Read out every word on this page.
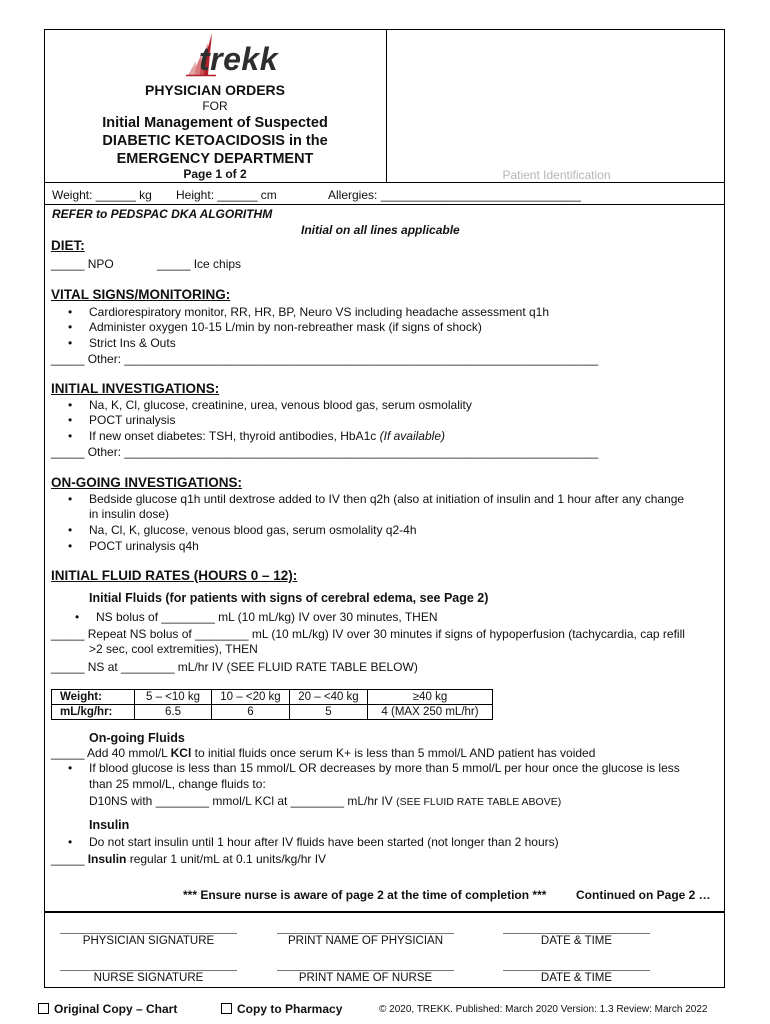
trekk
PHYSICIAN ORDERS
FOR
Initial Management of Suspected
DIABETIC KETOACIDOSIS in the
EMERGENCY DEPARTMENT
Page 1 of 2	Patient Identification
Weight: ______ kg Height: ______ cm	Allergies: ______________________________
REFER to PEDSPAC DKA ALGORITHM
Initial on all lines applicable
DIET:
_____ NPO	_____ Ice chips
VITAL SIGNS/MONITORING:
• Cardiorespiratory monitor, RR, HR, BP, Neuro VS including headache assessment q1h
• Administer oxygen 10-15 L/min by non-rebreather mask (if signs of shock)
• Strict Ins & Outs
_____ Other: _______________________________________________________________________
INITIAL INVESTIGATIONS:
• Na, K, Cl, glucose, creatinine, urea, venous blood gas, serum osmolality
• POCT urinalysis
• If new onset diabetes: TSH, thyroid antibodies, HbA1c (If available)
_____ Other: _______________________________________________________________________
ON-GOING INVESTIGATIONS:
• Bedside glucose q1h until dextrose added to IV then q2h (also at initiation of insulin and 1 hour after any change
in insulin dose)
• Na, Cl, K, glucose, venous blood gas, serum osmolality q2-4h
• POCT urinalysis q4h
INITIAL FLUID RATES (HOURS 0 – 12):
Initial Fluids (for patients with signs of cerebral edema, see Page 2)
• NS bolus of ________ mL (10 mL/kg) IV over 30 minutes, THEN
_____ Repeat NS bolus of ________ mL (10 mL/kg) IV over 30 minutes if signs of hypoperfusion (tachycardia, cap refill
>2 sec, cool extremities), THEN
_____ NS at ________ mL/hr IV (SEE FLUID RATE TABLE BELOW)
Weight:	5 – <10 kg	10 – <20 kg	20 – <40 kg	≥40 kg
mL/kg/hr:	6.5	6	5	4 (MAX 250 mL/hr)
On-going Fluids
_____ Add 40 mmol/L KCl to initial fluids once serum K+ is less than 5 mmol/L AND patient has voided
• If blood glucose is less than 15 mmol/L OR decreases by more than 5 mmol/L per hour once the glucose is less
than 25 mmol/L, change fluids to:
D10NS with ________ mmol/L KCl at ________ mL/hr IV (SEE FLUID RATE TABLE ABOVE)
Insulin
• Do not start insulin until 1 hour after IV fluids have been started (not longer than 2 hours)
_____ Insulin regular 1 unit/mL at 0.1 units/kg/hr IV
*** Ensure nurse is aware of page 2 at the time of completion *** Continued on Page 2 …
PHYSICIAN SIGNATURE	PRINT NAME OF PHYSICIAN	DATE & TIME
NURSE SIGNATURE	PRINT NAME OF NURSE	DATE & TIME
Original Copy – Chart	Copy to Pharmacy	© 2020, TREKK. Published: March 2020 Version: 1.3 Review: March 2022
